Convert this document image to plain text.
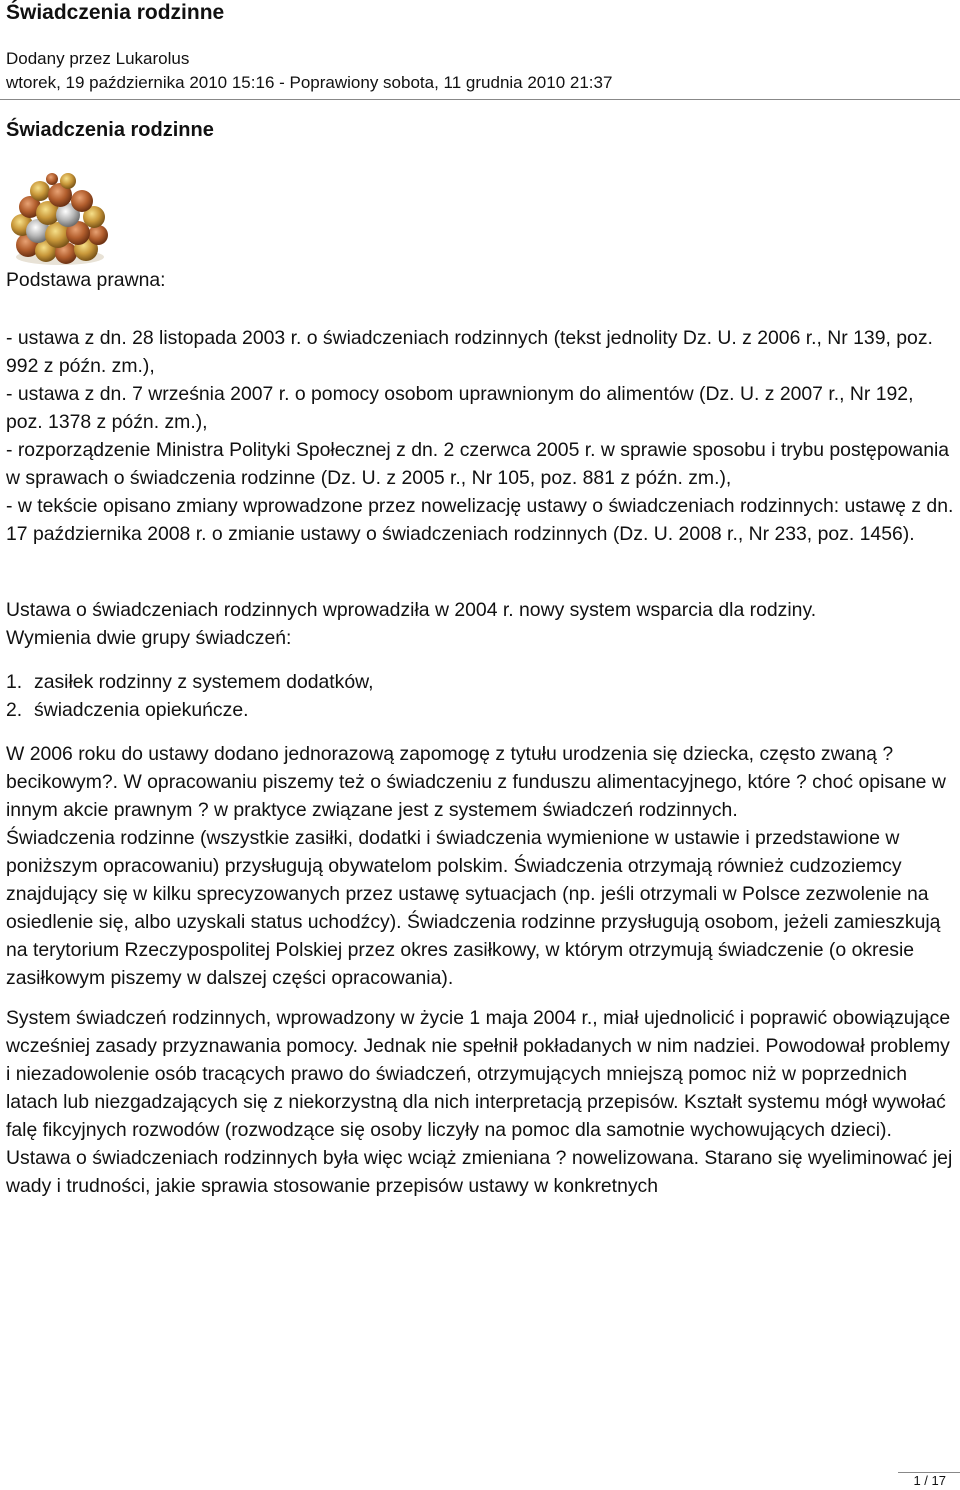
Świadczenia rodzinne
Dodany przez Lukarolus
wtorek, 19 października 2010 15:16 - Poprawiony sobota, 11 grudnia 2010 21:37
Świadczenia rodzinne

Podstawa prawna:

- ustawa z dn. 28 listopada 2003 r. o świadczeniach rodzinnych (tekst jednolity Dz. U. z 2006 r., Nr 139, poz. 992 z późn. zm.),
- ustawa z dn. 7 września 2007 r. o pomocy osobom uprawnionym do alimentów (Dz. U. z 2007 r., Nr 192, poz. 1378 z późn. zm.),
- rozporządzenie Ministra Polityki Społecznej z dn. 2 czerwca 2005 r. w sprawie sposobu i trybu postępowania w sprawach o świadczenia rodzinne (Dz. U. z 2005 r., Nr 105, poz. 881 z późn. zm.),
- w tekście opisano zmiany wprowadzone przez nowelizację ustawy o świadczeniach rodzinnych: ustawę z dn. 17 października 2008 r. o zmianie ustawy o świadczeniach rodzinnych (Dz. U. 2008 r., Nr 233, poz. 1456).

Ustawa o świadczeniach rodzinnych wprowadziła w 2004 r. nowy system wsparcia dla rodziny.

Wymienia dwie grupy świadczeń:

1. zasiłek rodzinny z systemem dodatków,
2. świadczenia opiekuńcze.

W 2006 roku do ustawy dodano jednorazową zapomogę z tytułu urodzenia się dziecka, często zwaną ?becikowym?. W opracowaniu piszemy też o świadczeniu z funduszu alimentacyjnego, które ? choć opisane w innym akcie prawnym ? w praktyce związane jest z systemem świadczeń rodzinnych.

Świadczenia rodzinne (wszystkie zasiłki, dodatki i świadczenia wymienione w ustawie i przedstawione w poniższym opracowaniu) przysługują obywatelom polskim. Świadczenia otrzymają również cudzoziemcy znajdujący się w kilku sprecyzowanych przez ustawę sytuacjach (np. jeśli otrzymali w Polsce zezwolenie na osiedlenie się, albo uzyskali status uchodźcy). Świadczenia rodzinne przysługują osobom, jeżeli zamieszkują na terytorium Rzeczypospolitej Polskiej przez okres zasiłkowy, w którym otrzymują świadczenie (o okresie zasiłkowym piszemy w dalszej części opracowania).

System świadczeń rodzinnych, wprowadzony w życie 1 maja 2004 r., miał ujednolicić i poprawić obowiązujące wcześniej zasady przyznawania pomocy. Jednak nie spełnił pokładanych w nim nadziei. Powodował problemy i niezadowolenie osób tracących prawo do świadczeń, otrzymujących mniejszą pomoc niż w poprzednich latach lub niezgadzających się z niekorzystną dla nich interpretacją przepisów. Kształt systemu mógł wywołać falę fikcyjnych rozwodów (rozwodzące się osoby liczyły na pomoc dla samotnie wychowujących dzieci). Ustawa o świadczeniach rodzinnych była więc wciąż zmieniana ? nowelizowana. Starano się wyeliminować jej wady i trudności, jakie sprawia stosowanie przepisów ustawy w konkretnych

1 / 17
